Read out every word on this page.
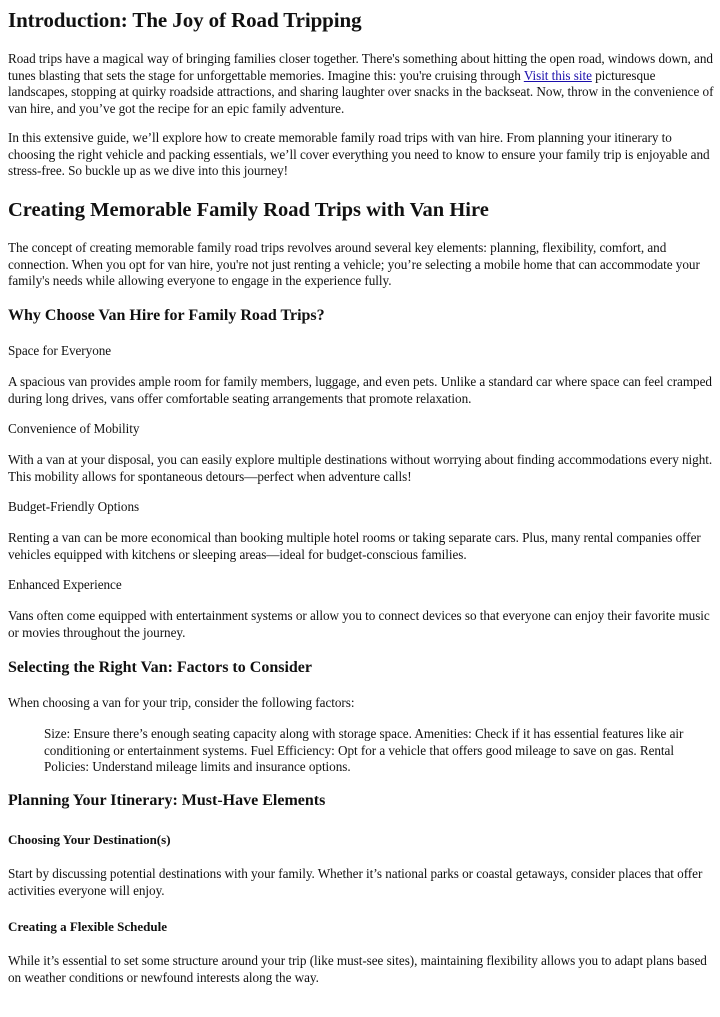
Introduction: The Joy of Road Tripping

Road trips have a magical way of bringing families closer together. There's something about hitting the open road, windows down, and tunes blasting that sets the stage for unforgettable memories. Imagine this: you're cruising through Visit this site picturesque landscapes, stopping at quirky roadside attractions, and sharing laughter over snacks in the backseat. Now, throw in the convenience of van hire, and you’ve got the recipe for an epic family adventure.

In this extensive guide, we’ll explore how to create memorable family road trips with van hire. From planning your itinerary to choosing the right vehicle and packing essentials, we’ll cover everything you need to know to ensure your family trip is enjoyable and stress-free. So buckle up as we dive into this journey!

Creating Memorable Family Road Trips with Van Hire

The concept of creating memorable family road trips revolves around several key elements: planning, flexibility, comfort, and connection. When you opt for van hire, you're not just renting a vehicle; you’re selecting a mobile home that can accommodate your family's needs while allowing everyone to engage in the experience fully.

Why Choose Van Hire for Family Road Trips?

Space for Everyone

A spacious van provides ample room for family members, luggage, and even pets. Unlike a standard car where space can feel cramped during long drives, vans offer comfortable seating arrangements that promote relaxation.

Convenience of Mobility

With a van at your disposal, you can easily explore multiple destinations without worrying about finding accommodations every night. This mobility allows for spontaneous detours—perfect when adventure calls!

Budget-Friendly Options

Renting a van can be more economical than booking multiple hotel rooms or taking separate cars. Plus, many rental companies offer vehicles equipped with kitchens or sleeping areas—ideal for budget-conscious families.

Enhanced Experience

Vans often come equipped with entertainment systems or allow you to connect devices so that everyone can enjoy their favorite music or movies throughout the journey.

Selecting the Right Van: Factors to Consider

When choosing a van for your trip, consider the following factors:

Size: Ensure there’s enough seating capacity along with storage space. Amenities: Check if it has essential features like air conditioning or entertainment systems. Fuel Efficiency: Opt for a vehicle that offers good mileage to save on gas. Rental Policies: Understand mileage limits and insurance options.

Planning Your Itinerary: Must-Have Elements
Choosing Your Destination(s)

Start by discussing potential destinations with your family. Whether it’s national parks or coastal getaways, consider places that offer activities everyone will enjoy.

Creating a Flexible Schedule

While it’s essential to set some structure around your trip (like must-see sites), maintaining flexibility allows you to adapt plans based on weather conditions or newfound interests along the way.
